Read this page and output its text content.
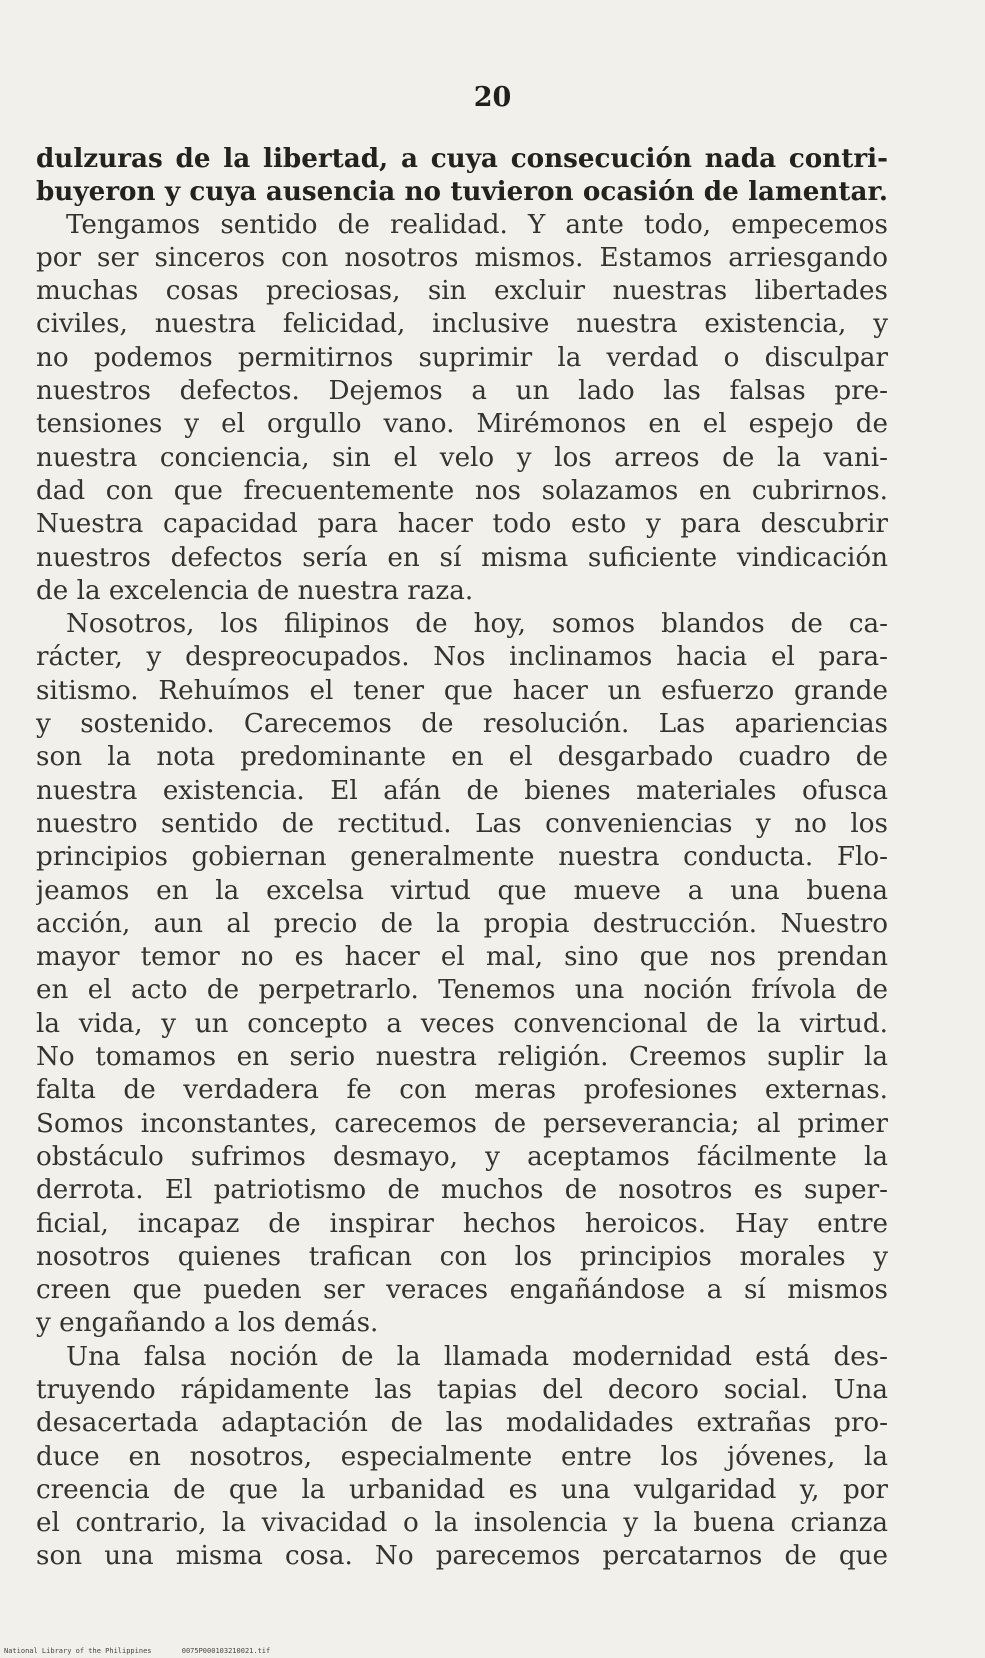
20
dulzuras de la libertad, a cuya consecución nada contri-
buyeron y cuya ausencia no tuvieron ocasión de lamentar.
Tengamos sentido de realidad. Y ante todo, empecemos
por ser sinceros con nosotros mismos. Estamos arriesgando
muchas cosas preciosas, sin excluir nuestras libertades
civiles, nuestra felicidad, inclusive nuestra existencia, y
no podemos permitirnos suprimir la verdad o disculpar
nuestros defectos. Dejemos a un lado las falsas pre-
tensiones y el orgullo vano. Mirémonos en el espejo de
nuestra conciencia, sin el velo y los arreos de la vani-
dad con que frecuentemente nos solazamos en cubrirnos.
Nuestra capacidad para hacer todo esto y para descubrir
nuestros defectos sería en sí misma suficiente vindicación
de la excelencia de nuestra raza.
Nosotros, los filipinos de hoy, somos blandos de ca-
rácter, y despreocupados. Nos inclinamos hacia el para-
sitismo. Rehuímos el tener que hacer un esfuerzo grande
y sostenido. Carecemos de resolución. Las apariencias
son la nota predominante en el desgarbado cuadro de
nuestra existencia. El afán de bienes materiales ofusca
nuestro sentido de rectitud. Las conveniencias y no los
principios gobiernan generalmente nuestra conducta. Flo-
jeamos en la excelsa virtud que mueve a una buena
acción, aun al precio de la propia destrucción. Nuestro
mayor temor no es hacer el mal, sino que nos prendan
en el acto de perpetrarlo. Tenemos una noción frívola de
la vida, y un concepto a veces convencional de la virtud.
No tomamos en serio nuestra religión. Creemos suplir la
falta de verdadera fe con meras profesiones externas.
Somos inconstantes, carecemos de perseverancia; al primer
obstáculo sufrimos desmayo, y aceptamos fácilmente la
derrota. El patriotismo de muchos de nosotros es super-
ficial, incapaz de inspirar hechos heroicos. Hay entre
nosotros quienes trafican con los principios morales y
creen que pueden ser veraces engañándose a sí mismos
y engañando a los demás.
Una falsa noción de la llamada modernidad está des-
truyendo rápidamente las tapias del decoro social. Una
desacertada adaptación de las modalidades extrañas pro-
duce en nosotros, especialmente entre los jóvenes, la
creencia de que la urbanidad es una vulgaridad y, por
el contrario, la vivacidad o la insolencia y la buena crianza
son una misma cosa. No parecemos percatarnos de que
National Library of the Philippines	0075P000103210021.tif
